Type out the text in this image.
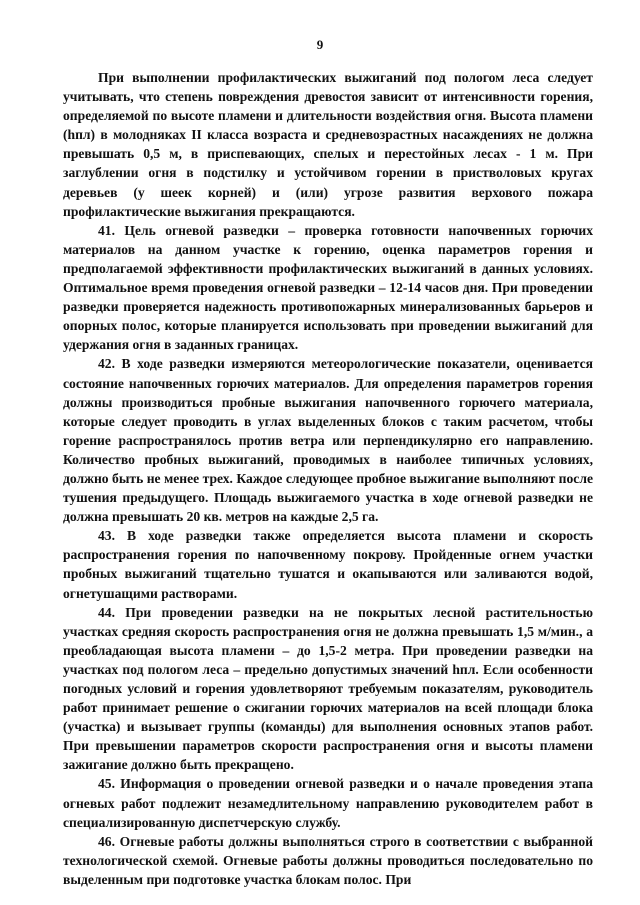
9

При выполнении профилактических выжиганий под пологом леса следует учитывать, что степень повреждения древостоя зависит от интенсивности горения, определяемой по высоте пламени и длительности воздействия огня. Высота пламени (hпл) в молодняках II класса возраста и средневозрастных насаждениях не должна превышать 0,5 м, в приспевающих, спелых и перестойных лесах - 1 м. При заглублении огня в подстилку и устойчивом горении в пристволовых кругах деревьев (у шеек корней) и (или) угрозе развития верхового пожара профилактические выжигания прекращаются.

41. Цель огневой разведки – проверка готовности напочвенных горючих материалов на данном участке к горению, оценка параметров горения и предполагаемой эффективности профилактических выжиганий в данных условиях. Оптимальное время проведения огневой разведки – 12-14 часов дня. При проведении разведки проверяется надежность противопожарных минерализованных барьеров и опорных полос, которые планируется использовать при проведении выжиганий для удержания огня в заданных границах.

42. В ходе разведки измеряются метеорологические показатели, оценивается состояние напочвенных горючих материалов. Для определения параметров горения должны производиться пробные выжигания напочвенного горючего материала, которые следует проводить в углах выделенных блоков с таким расчетом, чтобы горение распространялось против ветра или перпендикулярно его направлению. Количество пробных выжиганий, проводимых в наиболее типичных условиях, должно быть не менее трех. Каждое следующее пробное выжигание выполняют после тушения предыдущего. Площадь выжигаемого участка в ходе огневой разведки не должна превышать 20 кв. метров на каждые 2,5 га.

43. В ходе разведки также определяется высота пламени и скорость распространения горения по напочвенному покрову. Пройденные огнем участки пробных выжиганий тщательно тушатся и окапываются или заливаются водой, огнетушащими растворами.

44. При проведении разведки на не покрытых лесной растительностью участках средняя скорость распространения огня не должна превышать 1,5 м/мин., а преобладающая высота пламени – до 1,5-2 метра. При проведении разведки на участках под пологом леса – предельно допустимых значений hпл. Если особенности погодных условий и горения удовлетворяют требуемым показателям, руководитель работ принимает решение о сжигании горючих материалов на всей площади блока (участка) и вызывает группы (команды) для выполнения основных этапов работ. При превышении параметров скорости распространения огня и высоты пламени зажигание должно быть прекращено.

45. Информация о проведении огневой разведки и о начале проведения этапа огневых работ подлежит незамедлительному направлению руководителем работ в специализированную диспетчерскую службу.

46. Огневые работы должны выполняться строго в соответствии с выбранной технологической схемой. Огневые работы должны проводиться последовательно по выделенным при подготовке участка блокам полос. При
